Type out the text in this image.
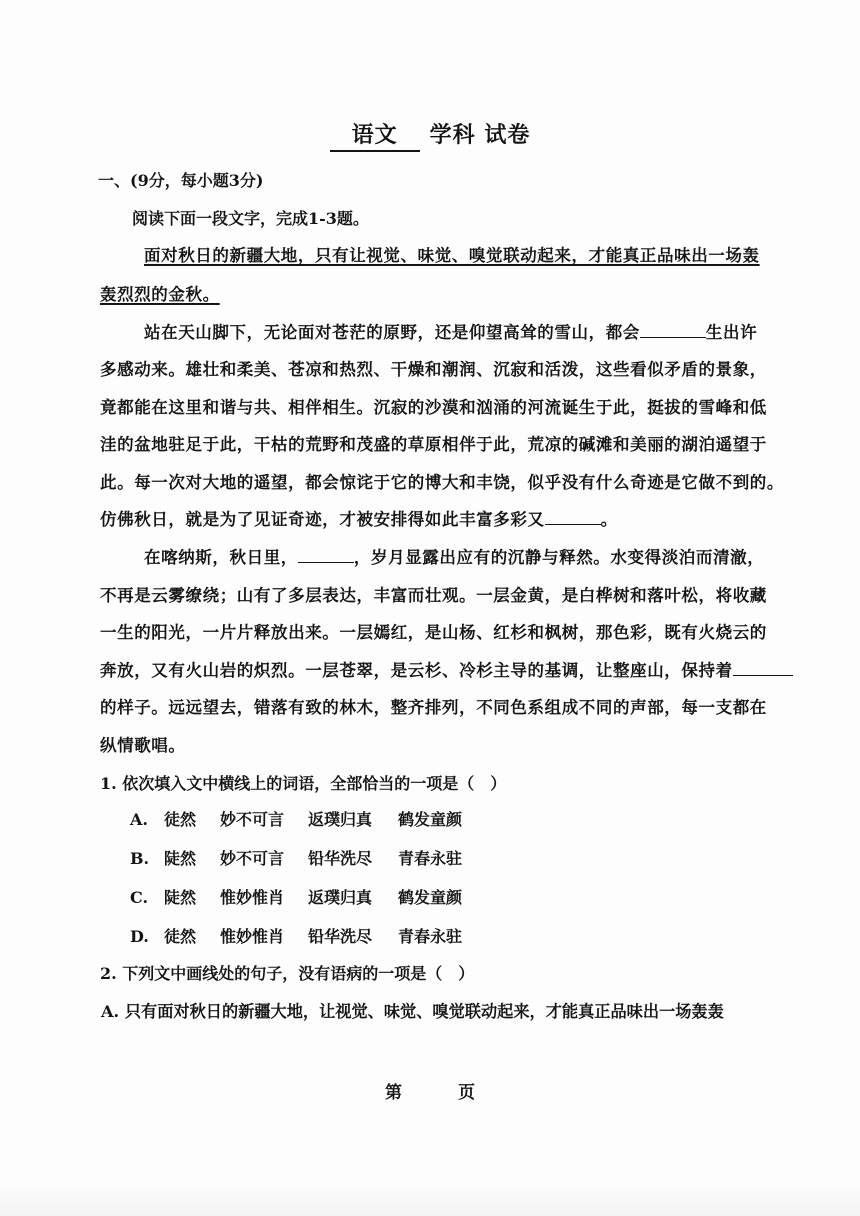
语文 学科 试卷
一、(9分，每小题3分)
阅读下面一段文字，完成1-3题。
面对秋日的新疆大地，只有让视觉、味觉、嗅觉联动起来，才能真正品味出一场轰
轰烈烈的金秋。
站在天山脚下，无论面对苍茫的原野，还是仰望高耸的雪山，都会	生出许
多感动来。雄壮和柔美、苍凉和热烈、干燥和潮润、沉寂和活泼，这些看似矛盾的景象，
竟都能在这里和谐与共、相伴相生。沉寂的沙漠和汹涌的河流诞生于此，挺拔的雪峰和低
洼的盆地驻足于此，干枯的荒野和茂盛的草原相伴于此，荒凉的碱滩和美丽的湖泊遥望于
此。每一次对大地的遥望，都会惊诧于它的博大和丰饶，似乎没有什么奇迹是它做不到的。
仿佛秋日，就是为了见证奇迹，才被安排得如此丰富多彩又	。
在喀纳斯，秋日里，	，岁月显露出应有的沉静与释然。水变得淡泊而清澈，
不再是云雾缭绕；山有了多层表达，丰富而壮观。一层金黄，是白桦树和落叶松，将收藏
一生的阳光，一片片释放出来。一层嫣红，是山杨、红杉和枫树，那色彩，既有火烧云的
奔放，又有火山岩的炽烈。一层苍翠，是云杉、冷杉主导的基调，让整座山，保持着
的样子。远远望去，错落有致的林木，整齐排列，不同色系组成不同的声部，每一支都在
纵情歌唱。
1. 依次填入文中横线上的词语，全部恰当的一项是（　）
A. 徒然 妙不可言 返璞归真 鹤发童颜
B. 陡然 妙不可言 铅华洗尽 青春永驻
C. 陡然 惟妙惟肖 返璞归真 鹤发童颜
D. 徒然 惟妙惟肖 铅华洗尽 青春永驻
2. 下列文中画线处的句子，没有语病的一项是（　）
A. 只有面对秋日的新疆大地，让视觉、味觉、嗅觉联动起来，才能真正品味出一场轰轰
第	页
